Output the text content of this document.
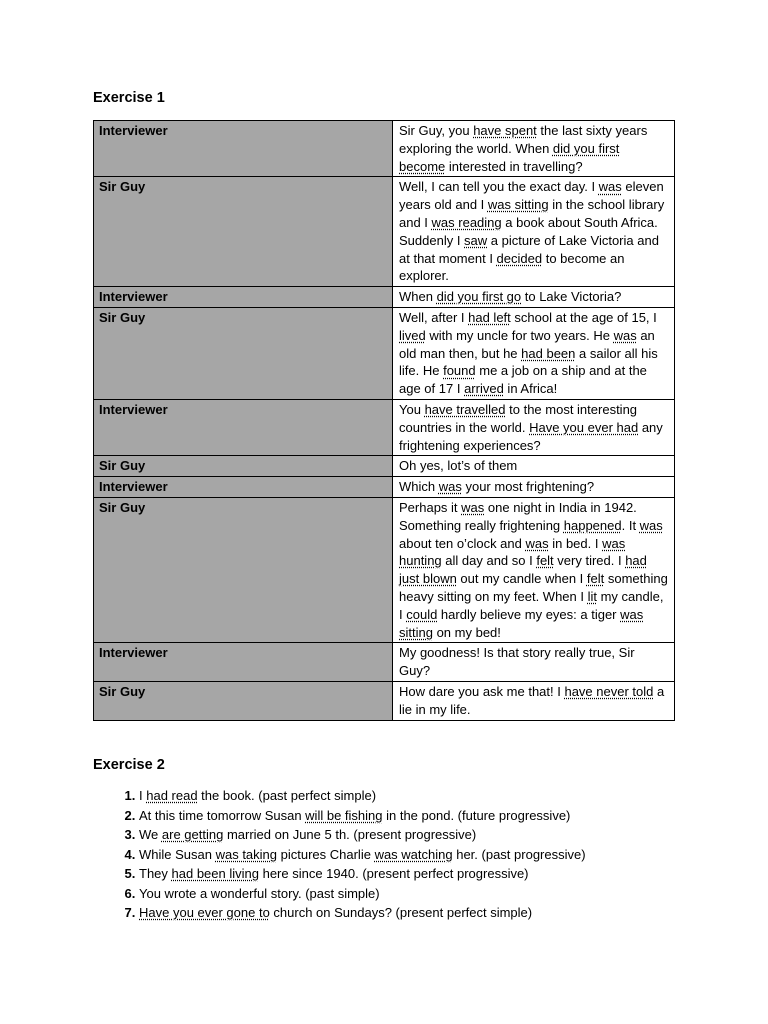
Exercise 1
Interviewer	Sir Guy, you have spent the last sixty years exploring the world. When did you first become interested in travelling?
Sir Guy	Well, I can tell you the exact day. I was eleven years old and I was sitting in the school library and I was reading a book about South Africa. Suddenly I saw a picture of Lake Victoria and at that moment I decided to become an explorer.
Interviewer	When did you first go to Lake Victoria?
Sir Guy	Well, after I had left school at the age of 15, I lived with my uncle for two years. He was an old man then, but he had been a sailor all his life. He found me a job on a ship and at the age of 17 I arrived in Africa!
Interviewer	You have travelled to the most interesting countries in the world. Have you ever had any frightening experiences?
Sir Guy	Oh yes, lot’s of them
Interviewer	Which was your most frightening?
Sir Guy	Perhaps it was one night in India in 1942. Something really frightening happened. It was about ten o’clock and was in bed. I was hunting all day and so I felt very tired. I had just blown out my candle when I felt something heavy sitting on my feet. When I lit my candle, I could hardly believe my eyes: a tiger was sitting on my bed!
Interviewer	My goodness! Is that story really true, Sir Guy?
Sir Guy	How dare you ask me that! I have never told a lie in my life.
Exercise 2
1. I had read the book. (past perfect simple)
2. At this time tomorrow Susan will be fishing in the pond. (future progressive)
3. We are getting married on June 5 th. (present progressive)
4. While Susan was taking pictures Charlie was watching her. (past progressive)
5. They had been living here since 1940. (present perfect progressive)
6. You wrote a wonderful story. (past simple)
7. Have you ever gone to church on Sundays? (present perfect simple)
